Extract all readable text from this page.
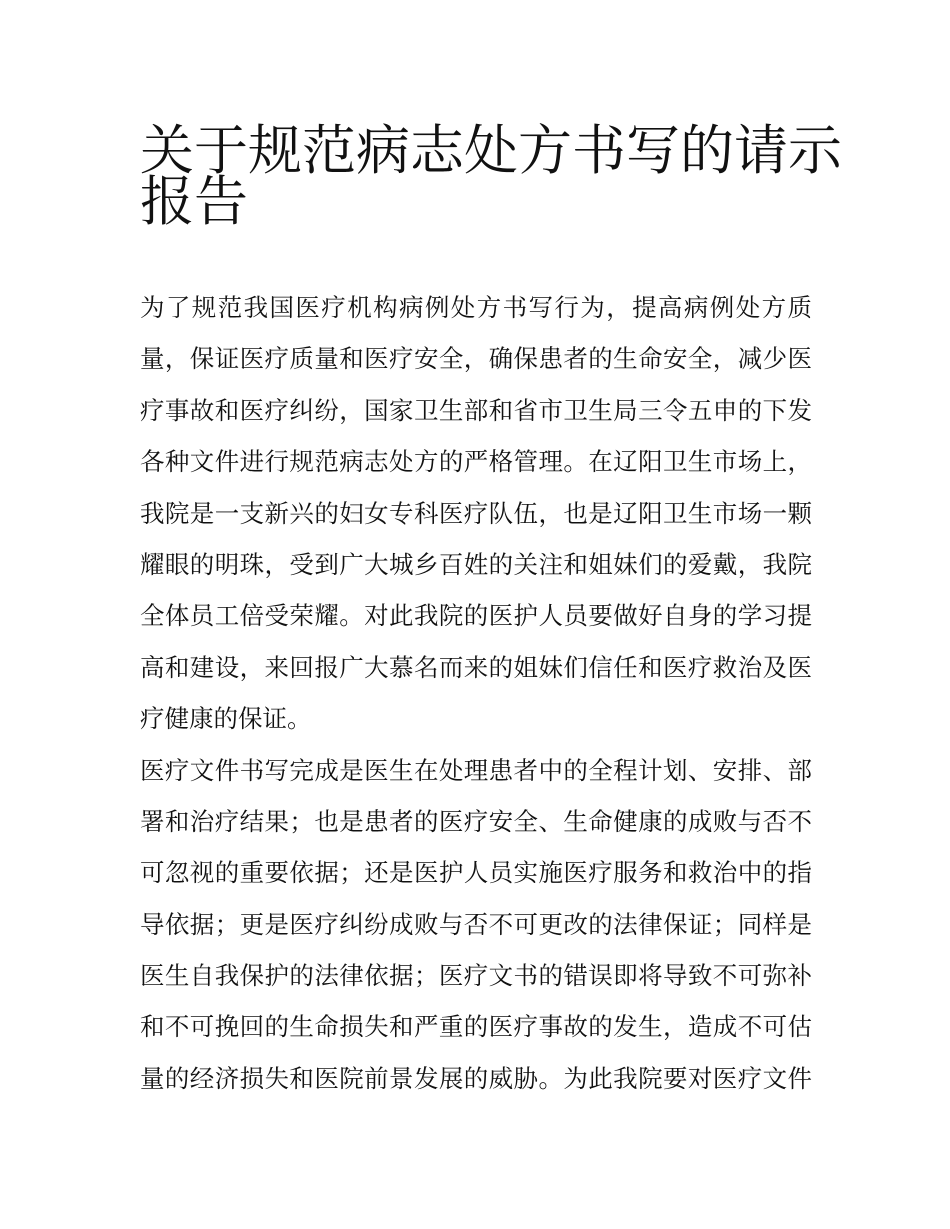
关于规范病志处方书写的请示
报告
为了规范我国医疗机构病例处方书写行为，提高病例处方质
量，保证医疗质量和医疗安全，确保患者的生命安全，减少医
疗事故和医疗纠纷，国家卫生部和省市卫生局三令五申的下发
各种文件进行规范病志处方的严格管理。在辽阳卫生市场上，
我院是一支新兴的妇女专科医疗队伍，也是辽阳卫生市场一颗
耀眼的明珠，受到广大城乡百姓的关注和姐妹们的爱戴，我院
全体员工倍受荣耀。对此我院的医护人员要做好自身的学习提
高和建设，来回报广大慕名而来的姐妹们信任和医疗救治及医
疗健康的保证。
医疗文件书写完成是医生在处理患者中的全程计划、安排、部
署和治疗结果；也是患者的医疗安全、生命健康的成败与否不
可忽视的重要依据；还是医护人员实施医疗服务和救治中的指
导依据；更是医疗纠纷成败与否不可更改的法律保证；同样是
医生自我保护的法律依据；医疗文书的错误即将导致不可弥补
和不可挽回的生命损失和严重的医疗事故的发生，造成不可估
量的经济损失和医院前景发展的威胁。为此我院要对医疗文件
